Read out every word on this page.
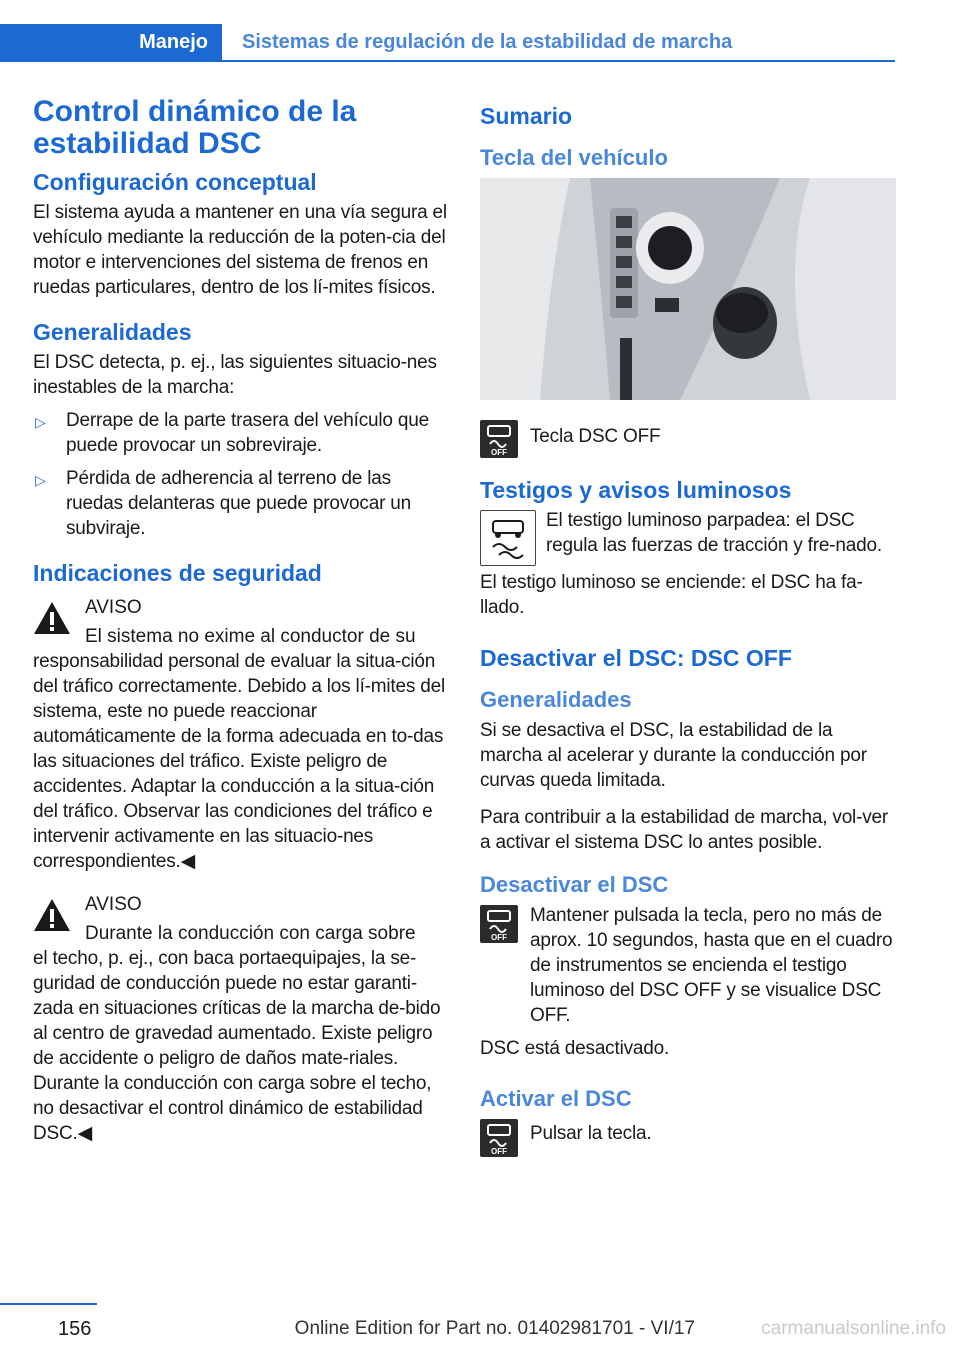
Manejo Sistemas de regulación de la estabilidad de marcha
Control dinámico de la estabilidad DSC
Configuración conceptual
El sistema ayuda a mantener en una vía segura el vehículo mediante la reducción de la poten‐cia del motor e intervenciones del sistema de frenos en ruedas particulares, dentro de los lí‐mites físicos.
Generalidades
El DSC detecta, p. ej., las siguientes situacio‐nes inestables de la marcha:
▷ Derrape de la parte trasera del vehículo que puede provocar un sobreviraje.
▷ Pérdida de adherencia al terreno de las ruedas delanteras que puede provocar un subviraje.
Indicaciones de seguridad
AVISO
El sistema no exime al conductor de su
responsabilidad personal de evaluar la situa‐ción del tráfico correctamente. Debido a los lí‐mites del sistema, este no puede reaccionar automáticamente de la forma adecuada en to‐das las situaciones del tráfico. Existe peligro de accidentes. Adaptar la conducción a la situa‐ción del tráfico. Observar las condiciones del tráfico e intervenir activamente en las situacio‐nes correspondientes.◀
AVISO
Durante la conducción con carga sobre
el techo, p. ej., con baca portaequipajes, la se‐guridad de conducción puede no estar garanti‐zada en situaciones críticas de la marcha de‐bido al centro de gravedad aumentado. Existe peligro de accidente o peligro de daños mate‐riales. Durante la conducción con carga sobre el techo, no desactivar el control dinámico de estabilidad DSC.◀
Sumario
Tecla del vehículo
OFF
Tecla DSC OFF
Testigos y avisos luminosos
El testigo luminoso parpadea: el DSC regula las fuerzas de tracción y fre‐nado.
El testigo luminoso se enciende: el DSC ha fa‐llado.
Desactivar el DSC: DSC OFF
Generalidades
Si se desactiva el DSC, la estabilidad de la marcha al acelerar y durante la conducción por curvas queda limitada.
Para contribuir a la estabilidad de marcha, vol‐ver a activar el sistema DSC lo antes posible.
Desactivar el DSC
OFF
Mantener pulsada la tecla, pero no más de aprox. 10 segundos, hasta que en el cuadro de instrumentos se encienda el testigo luminoso del DSC OFF y se visualice DSC OFF.
DSC está desactivado.
Activar el DSC
OFF
Pulsar la tecla.
156	Online Edition for Part no. 01402981701 - VI/17	carmanualsonline.info
